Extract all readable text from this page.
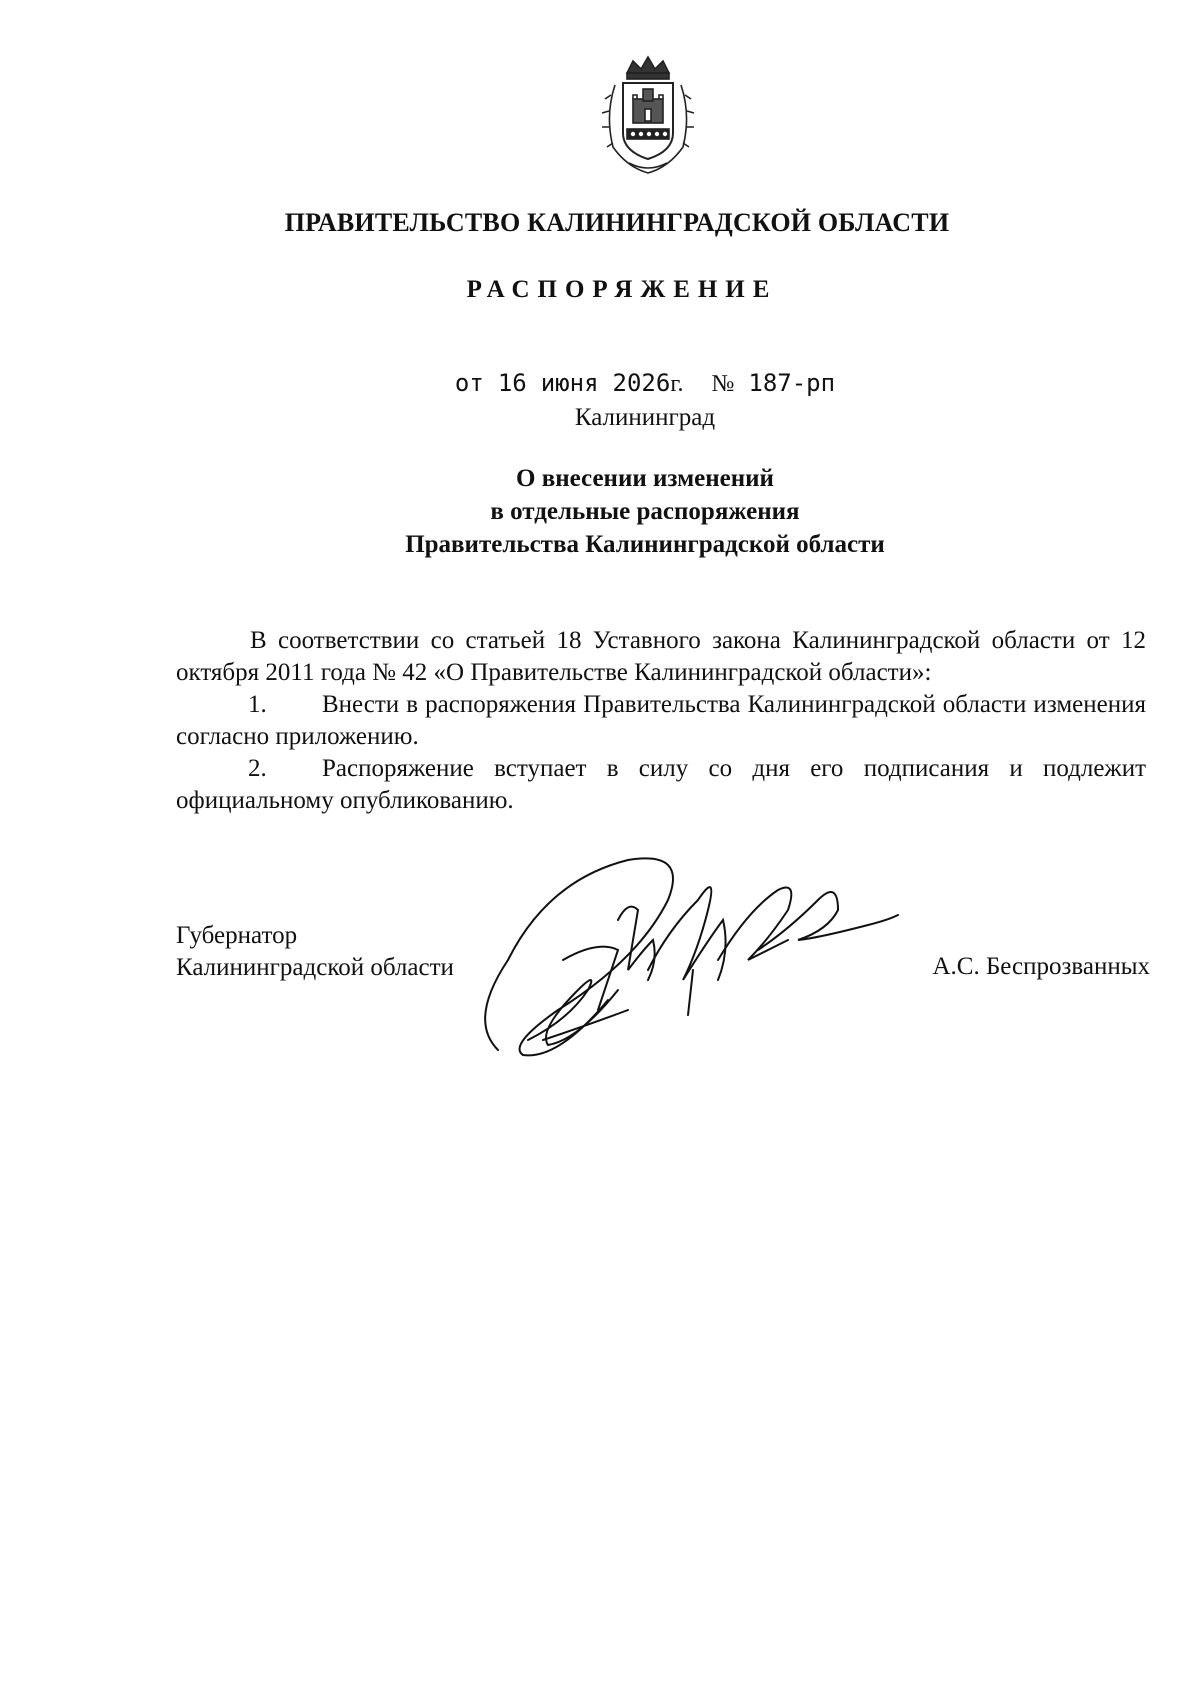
ПРАВИТЕЛЬСТВО КАЛИНИНГРАДСКОЙ ОБЛАСТИ
РАСПОРЯЖЕНИЕ
от 16 июня 2026г. № 187-рп
Калининград
О внесении изменений
в отдельные распоряжения
Правительства Калининградской области

В соответствии со статьей 18 Уставного закона Калининградской области от 12 октября 2011 года № 42 «О Правительстве Калининградской области»:

1. Внести в распоряжения Правительства Калининградской области изменения согласно приложению.

2. Распоряжение вступает в силу со дня его подписания и подлежит официальному опубликованию.

Губернатор
Калининградской области	А.С. Беспрозванных
